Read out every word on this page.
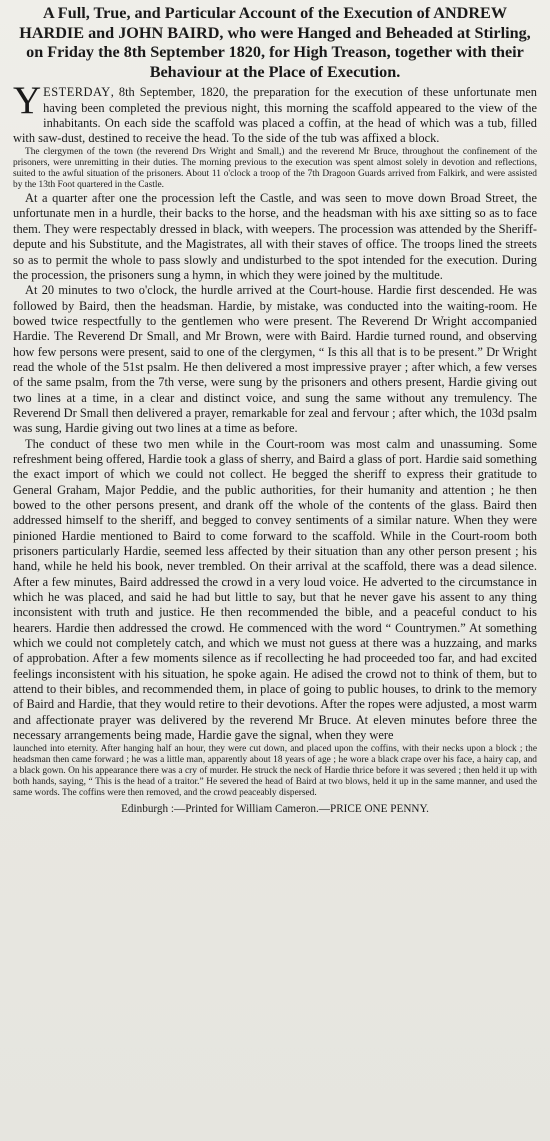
A Full, True, and Particular Account of the Execution of ANDREW HARDIE and JOHN BAIRD, who were Hanged and Beheaded at Stirling, on Friday the 8th September 1820, for High Treason, together with their Behaviour at the Place of Execution.

YESTERDAY, 8th September, 1820, the preparation for the execution of these unfortunate men having been completed the previous night, this morning the scaffold appeared to the view of the inhabitants. On each side the scaffold was placed a coffin, at the head of which was a tub, filled with saw-dust, destined to receive the head. To the side of the tub was affixed a block.

The clergymen of the town (the reverend Drs Wright and Small,) and the reverend Mr Bruce, throughout the confinement of the prisoners, were unremitting in their duties. The morning previous to the execution was spent almost solely in devotion and reflections, suited to the awful situation of the prisoners. About 11 o'clock a troop of the 7th Dragoon Guards arrived from Falkirk, and were assisted by the 13th Foot quartered in the Castle.

At a quarter after one the procession left the Castle, and was seen to move down Broad Street, the unfortunate men in a hurdle, their backs to the horse, and the headsman with his axe sitting so as to face them. They were respectably dressed in black, with weepers. The procession was attended by the Sheriff-depute and his Substitute, and the Magistrates, all with their staves of office. The troops lined the streets so as to permit the whole to pass slowly and undisturbed to the spot intended for the execution. During the procession, the prisoners sung a hymn, in which they were joined by the multitude.

At 20 minutes to two o'clock, the hurdle arrived at the Court-house. Hardie first descended. He was followed by Baird, then the headsman. Hardie, by mistake, was conducted into the waiting-room. He bowed twice respectfully to the gentlemen who were present. The Reverend Dr Wright accompanied Hardie. The Reverend Dr Small, and Mr Brown, were with Baird. Hardie turned round, and observing how few persons were present, said to one of the clergymen, “ Is this all that is to be present.” Dr Wright read the whole of the 51st psalm. He then delivered a most impressive prayer ; after which, a few verses of the same psalm, from the 7th verse, were sung by the prisoners and others present, Hardie giving out two lines at a time, in a clear and distinct voice, and sung the same without any tremulency. The Reverend Dr Small then delivered a prayer, remarkable for zeal and fervour ; after which, the 103d psalm was sung, Hardie giving out two lines at a time as before.

The conduct of these two men while in the Court-room was most calm and unassuming. Some refreshment being offered, Hardie took a glass of sherry, and Baird a glass of port. Hardie said something the exact import of which we could not collect. He begged the sheriff to express their gratitude to General Graham, Major Peddie, and the public authorities, for their humanity and attention ; he then bowed to the other persons present, and drank off the whole of the contents of the glass. Baird then addressed himself to the sheriff, and begged to convey sentiments of a similar nature. When they were pinioned Hardie mentioned to Baird to come forward to the scaffold. While in the Court-room both prisoners particularly Hardie, seemed less affected by their situation than any other person present ; his hand, while he held his book, never trembled. On their arrival at the scaffold, there was a dead silence. After a few minutes, Baird addressed the crowd in a very loud voice. He adverted to the circumstance in which he was placed, and said he had but little to say, but that he never gave his assent to any thing inconsistent with truth and justice. He then recommended the bible, and a peaceful conduct to his hearers. Hardie then addressed the crowd. He commenced with the word “ Countrymen.” At something which we could not completely catch, and which we must not guess at there was a huzzaing, and marks of approbation. After a few moments silence as if recollecting he had proceeded too far, and had excited feelings inconsistent with his situation, he spoke again. He adised the crowd not to think of them, but to attend to their bibles, and recommended them, in place of going to public houses, to drink to the memory of Baird and Hardie, that they would retire to their devotions. After the ropes were adjusted, a most warm and affectionate prayer was delivered by the reverend Mr Bruce. At eleven minutes before three the necessary arrangements being made, Hardie gave the signal, when they were

launched into eternity. After hanging half an hour, they were cut down, and placed upon the coffins, with their necks upon a block ; the headsman then came forward ; he was a little man, apparently about 18 years of age ; he wore a black crape over his face, a hairy cap, and a black gown. On his appearance there was a cry of murder. He struck the neck of Hardie thrice before it was severed ; then held it up with both hands, saying, “ This is the head of a traitor.” He severed the head of Baird at two blows, held it up in the same manner, and used the same words. The coffins were then removed, and the crowd peaceably dispersed.

Edinburgh :—Printed for William Cameron.—PRICE ONE PENNY.
